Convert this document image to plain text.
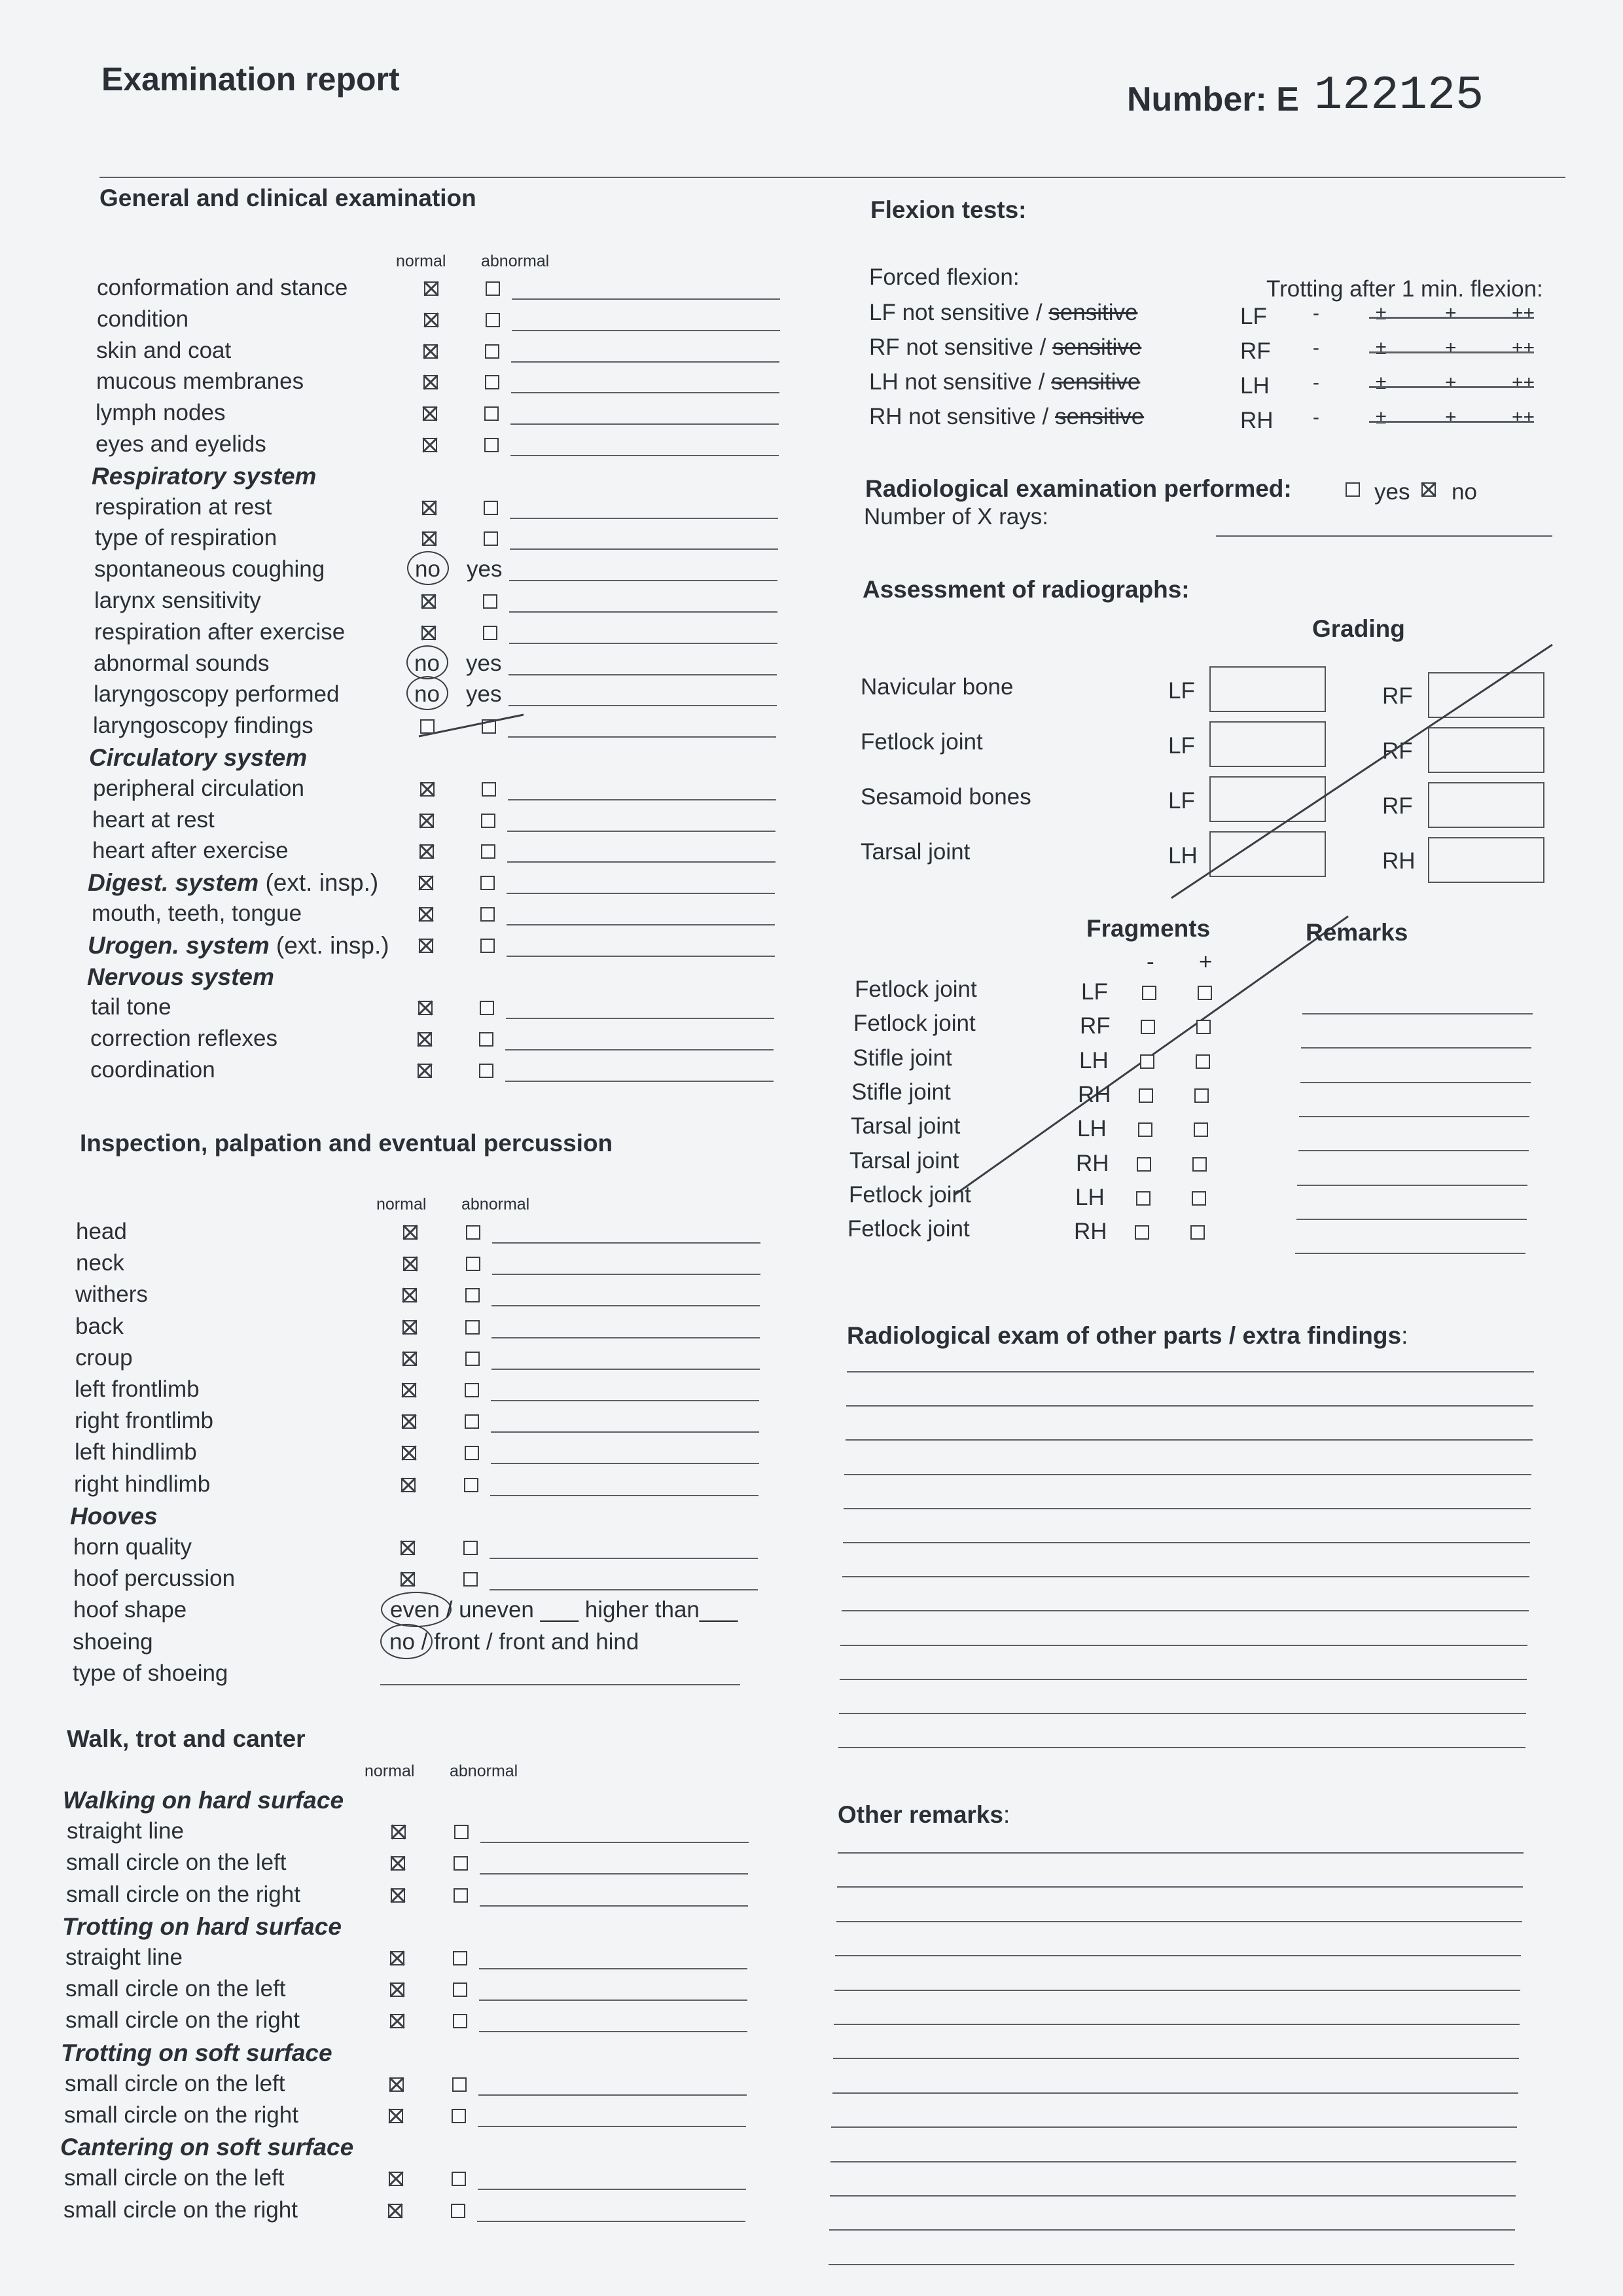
Examination report
Number: E 122125
General and clinical examination
normal abnormal
conformation and stance
condition
skin and coat
mucous membranes
lymph nodes
eyes and eyelids
Respiratory system
respiration at rest
type of respiration
spontaneous coughing	no yes
larynx sensitivity
respiration after exercise
abnormal sounds	no yes
laryngoscopy performed	no yes
laryngoscopy findings
Circulatory system
peripheral circulation
heart at rest
heart after exercise
Digest. system (ext. insp.)
mouth, teeth, tongue
Urogen. system (ext. insp.)
Nervous system
tail tone
correction reflexes
coordination
Inspection, palpation and eventual percussion
normal abnormal
head
neck
withers
back
croup
left frontlimb
right frontlimb
left hindlimb
right hindlimb
Hooves
horn quality
hoof percussion
hoof shape	even / uneven ___ higher than___
shoeing	no / front / front and hind
type of shoeing
Walk, trot and canter
normal abnormal
Walking on hard surface
straight line
small circle on the left
small circle on the right
Trotting on hard surface
straight line
small circle on the left
small circle on the right
Trotting on soft surface
small circle on the left
small circle on the right
Cantering on soft surface
small circle on the left
small circle on the right
Flexion tests:
Forced flexion:	Trotting after 1 min. flexion:
LF not sensitive / sensitive	LF -	±	+	++
RF not sensitive / sensitive	RF -	±	+	++
LH not sensitive / sensitive	LH -	±	+	++
RH not sensitive / sensitive	RH -	±	+	++
Radiological examination performed:	yes no
Number of X rays:
Assessment of radiographs:
Grading
Navicular bone	LF	RF
Fetlock joint	LF	RF
Sesamoid bones	LF	RF
Tarsal joint	LH	RH
Fragments	Remarks
- +
Fetlock joint	LF
Fetlock joint	RF
Stifle joint	LH
Stifle joint	RH
Tarsal joint	LH
Tarsal joint	RH
Fetlock joint	LH
Fetlock joint	RH
Radiological exam of other parts / extra findings:
Other remarks:
